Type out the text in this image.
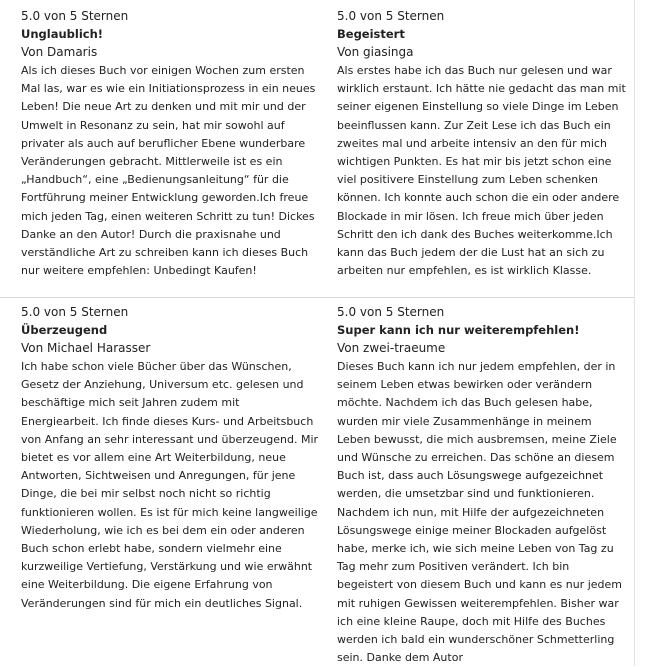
5.0 von 5 Sternen
Unglaublich!
Von Damaris
Als ich dieses Buch vor einigen Wochen zum ersten Mal las, war es wie ein Initiationsprozess in ein neues Leben! Die neue Art zu denken und mit mir und der Umwelt in Resonanz zu sein, hat mir sowohl auf privater als auch auf beruflicher Ebene wunderbare Veränderungen gebracht. Mittlerweile ist es ein „Handbuch“, eine „Bedienungsanleitung“ für die Fortführung meiner Entwicklung geworden.Ich freue mich jeden Tag, einen weiteren Schritt zu tun! Dickes Danke an den Autor! Durch die praxisnahe und verständliche Art zu schreiben kann ich dieses Buch nur weitere empfehlen: Unbedingt Kaufen!
5.0 von 5 Sternen
Begeistert
Von giasinga
Als erstes habe ich das Buch nur gelesen und war wirklich erstaunt. Ich hätte nie gedacht das man mit seiner eigenen Einstellung so viele Dinge im Leben beeinflussen kann. Zur Zeit Lese ich das Buch ein zweites mal und arbeite intensiv an den für mich wichtigen Punkten. Es hat mir bis jetzt schon eine viel positivere Einstellung zum Leben schenken können. Ich konnte auch schon die ein oder andere Blockade in mir lösen. Ich freue mich über jeden Schritt den ich dank des Buches weiterkomme.Ich kann das Buch jedem der die Lust hat an sich zu arbeiten nur empfehlen, es ist wirklich Klasse.
5.0 von 5 Sternen
Überzeugend
Von Michael Harasser
Ich habe schon viele Bücher über das Wünschen, Gesetz der Anziehung, Universum etc. gelesen und beschäftige mich seit Jahren zudem mit Energiearbeit. Ich finde dieses Kurs- und Arbeitsbuch von Anfang an sehr interessant und überzeugend. Mir bietet es vor allem eine Art Weiterbildung, neue Antworten, Sichtweisen und Anregungen, für jene Dinge, die bei mir selbst noch nicht so richtig funktionieren wollen. Es ist für mich keine langweilige Wiederholung, wie ich es bei dem ein oder anderen Buch schon erlebt habe, sondern vielmehr eine kurzweilige Vertiefung, Verstärkung und wie erwähnt eine Weiterbildung. Die eigene Erfahrung von Veränderungen sind für mich ein deutliches Signal.
5.0 von 5 Sternen
Super kann ich nur weiterempfehlen!
Von zwei-traeume
Dieses Buch kann ich nur jedem empfehlen, der in seinem Leben etwas bewirken oder verändern möchte. Nachdem ich das Buch gelesen habe, wurden mir viele Zusammenhänge in meinem Leben bewusst, die mich ausbremsen, meine Ziele und Wünsche zu erreichen. Das schöne an diesem Buch ist, dass auch Lösungswege aufgezeichnet werden, die umsetzbar sind und funktionieren. Nachdem ich nun, mit Hilfe der aufgezeichneten Lösungswege einige meiner Blockaden aufgelöst habe, merke ich, wie sich meine Leben von Tag zu Tag mehr zum Positiven verändert. Ich bin begeistert von diesem Buch und kann es nur jedem mit ruhigen Gewissen weiterempfehlen. Bisher war ich eine kleine Raupe, doch mit Hilfe des Buches werden ich bald ein wunderschöner Schmetterling sein. Danke dem Autor
